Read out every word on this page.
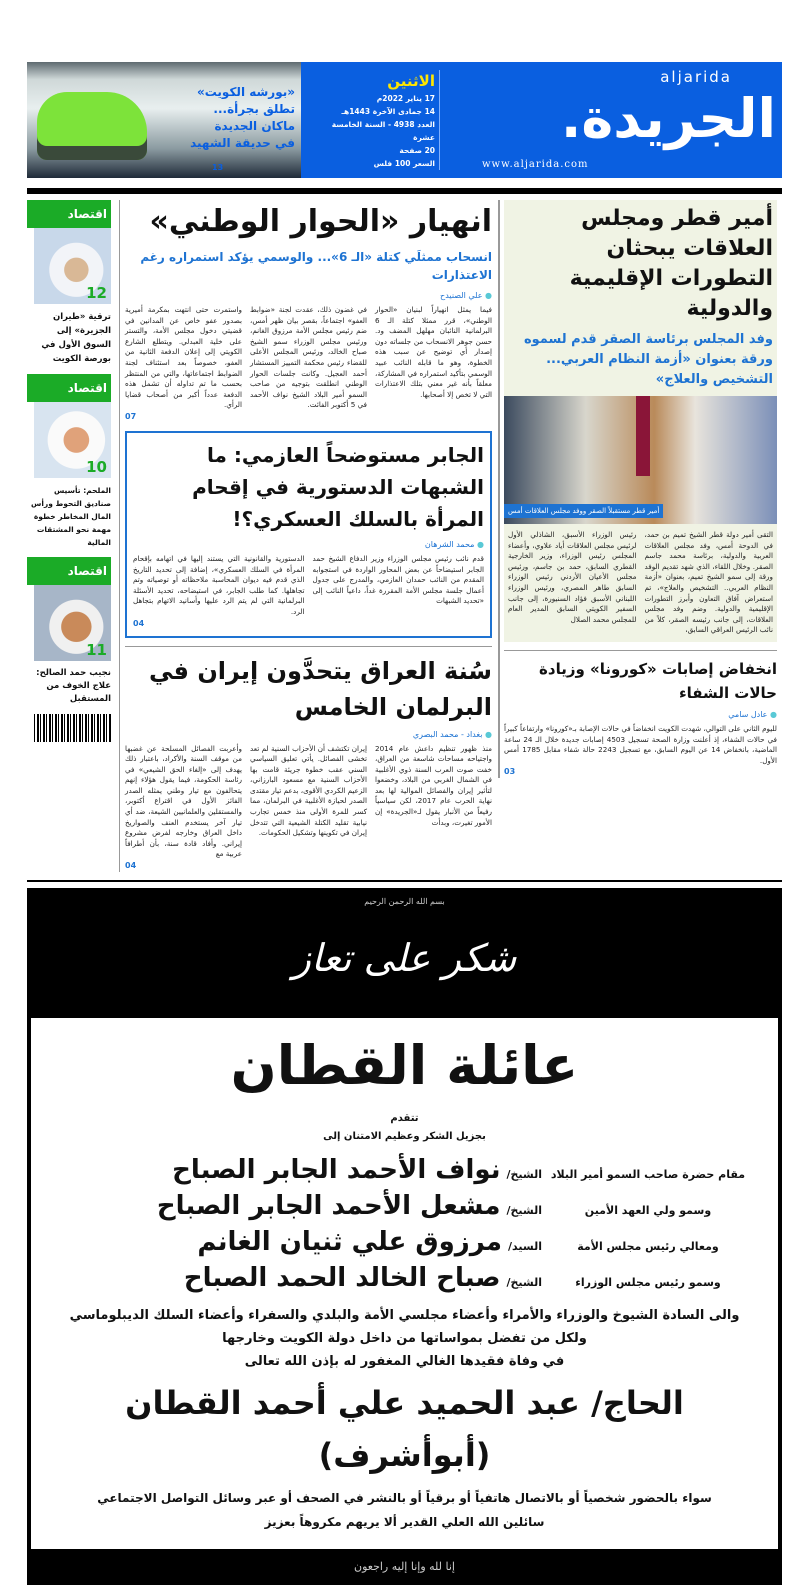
«بورشه الكويت»
تطلق بجرأة...
ماكان الجديدة
في حديقة الشهيد
13
الاثنين
17 يناير 2022م
14 جمادى الآخرة 1443هـ
العدد 4938 - السنة الخامسة عشرة
20 صفحة
السعر 100 فلس
aljarida
الجريدة.
www.aljarida.com
اقتصاد
12
ترقية «طيران الجزيرة» إلى السوق الأول في بورصة الكويت
اقتصاد
10
الملحم: تأسيس صناديق التحوط ورأس المال المخاطر خطوة مهمة نحو المشتقات المالية
اقتصاد
11
نجيب حمد الصالح: علاج الخوف من المستقبل
انهيار «الحوار الوطني»
انسحاب ممثلَي كتلة «الـ 6»... والوسمي يؤكد استمراره رغم الاعتذارات
● علي الصنيدح
فيما يمثل انهياراً لبنيان «الحوار الوطني»، قرر ممثلا كتلة الـ 6 البرلمانية النائبان مهلهل المضف ود. حسن جوهر الانسحاب من جلساته دون إصدار أي توضيح عن سبب هذه الخطوة، وهو ما قابله النائب عبيد الوسمي بتأكيد استمراره في المشاركة، معلقاً بأنه غير معني بتلك الاعتذارات التي لا تخص إلا أصحابها.
في غضون ذلك، عقدت لجنة «ضوابط العفو» اجتماعاً، بقصر بيان ظهر أمس، ضم رئيس مجلس الأمة مرزوق الغانم، ورئيس مجلس الوزراء سمو الشيخ صباح الخالد، ورئيس المجلس الأعلى للقضاء رئيس محكمة التمييز المستشار أحمد العجيل. وكانت جلسات الحوار الوطني انطلقت بتوجيه من صاحب السمو أمير البلاد الشيخ نواف الأحمد في 5 أكتوبر الفائت.
واستمرت حتى انتهت بمكرمة أميرية بصدور عفو خاص عن المدانين في قضيتي دخول مجلس الأمة، والتستر على خلية العبدلي. ويتطلع الشارع الكويتي إلى إعلان الدفعة الثانية من العفو، خصوصاً بعد استئناف لجنة الضوابط اجتماعاتها، والتي من المنتظر بحسب ما تم تداوله أن تشمل هذه الدفعة عدداً أكبر من أصحاب قضايا الرأي.
07
الجابر مستوضحاً العازمي: ما الشبهات الدستورية في إقحام المرأة بالسلك العسكري؟!
● محمد الشرهان
قدم نائب رئيس مجلس الوزراء وزير الدفاع الشيخ حمد الجابر استيضاحاً عن بعض المحاور الواردة في استجوابه المقدم من النائب حمدان العازمي، والمدرج على جدول أعمال جلسة مجلس الأمة المقررة غداً، داعياً النائب إلى «تحديد الشبهات
الدستورية والقانونية التي يستند إليها في اتهامه بإقحام المرأة في السلك العسكري»، إضافة إلى تحديد التاريخ الذي قدم فيه ديوان المحاسبة ملاحظاته أو توصياته وتم تجاهلها. كما طلب الجابر، في استيضاحه، تحديد الأسئلة البرلمانية التي لم يتم الرد عليها وأسانيد الاتهام بتجاهل الرد.
04
سُنة العراق يتحدَّون إيران في البرلمان الخامس
● بغداد - محمد البصري
منذ ظهور تنظيم داعش عام 2014 واجتياحه مساحات شاسعة من العراق، خفت صوت العرب السنة ذوي الأغلبية في الشمال الغربي من البلاد، وخضعوا لتأثير إيران والفصائل الموالية لها بعد نهاية الحرب عام 2017، لكن سياسياً رفيعاً من الأنبار يقول لـ«الجريدة» إن الأمور تغيرت، وبدأت
إيران تكتشف أن الأحزاب السنية لم تعد تخشى الفصائل. يأتي تعليق السياسي السني عقب خطوة جريئة قامت بها الأحزاب السنية مع مسعود البارزاني، الزعيم الكردي الأقوى، بدعم تيار مقتدى الصدر لحيازة الأغلبية في البرلمان، مما كسر للمرة الأولى منذ خمس تجارب نيابية تقليد الكتلة الشيعية التي تتدخل إيران في تكوينها وتشكيل الحكومات.
وأعربت الفصائل المسلحة عن غضبها من موقف السنة والأكراد، باعتبار ذلك يهدف إلى «إلغاء الحق الشيعي» في رئاسة الحكومة، فيما يقول هؤلاء إنهم يتحالفون مع تيار وطني يمثله الصدر الفائز الأول في اقتراع أكتوبر، والمستقلين والعلمانيين الشيعة، ضد أي تيار آخر يستخدم العنف والصواريخ داخل العراق وخارجه لفرض مشروع إيراني. وأفاد قادة سنة، بأن أطرافاً عربية مع
04
أمير قطر ومجلس العلاقات يبحثان التطورات الإقليمية والدولية
وفد المجلس برئاسة الصقر قدم لسموه ورقة بعنوان «أزمة النظام العربي... التشخيص والعلاج»
أمير قطر مستقبلاً الصقر ووفد مجلس العلاقات أمس
التقى أمير دولة قطر الشيخ تميم بن حمد، في الدوحة أمس، وفد مجلس العلاقات العربية والدولية، برئاسة محمد جاسم الصقر. وخلال اللقاء، الذي شهد تقديم الوفد ورقة إلى سمو الشيخ تميم، بعنوان «أزمة النظام العربي.. التشخيص والعلاج»، تم استعراض آفاق التعاون وأبرز التطورات الإقليمية والدولية. وضم وفد مجلس العلاقات، إلى جانب رئيسه الصقر، كلاً من نائب الرئيس العراقي السابق،
رئيس الوزراء الأسبق، الشاذلي الأول لرئيس مجلس العلاقات أياد علاوي، وأعضاء المجلس رئيس الوزراء، وزير الخارجية القطري السابق، حمد بن جاسم، ورئيس مجلس الأعيان الأردني رئيس الوزراء السابق طاهر المصري، ورئيس الوزراء اللبناني الأسبق فؤاد السنيورة، إلى جانب السفير الكويتي السابق المدير العام للمجلس محمد الصلال
انخفاض إصابات «كورونا» وزيادة حالات الشفاء
● عادل سامي
لليوم الثاني على التوالي، شهدت الكويت انخفاضاً في حالات الإصابة بـ«كورونا» وارتفاعاً كبيراً في حالات الشفاء، إذ أعلنت وزارة الصحة تسجيل 4503 إصابات جديدة خلال الـ 24 ساعة الماضية، بانخفاض 14 عن اليوم السابق، مع تسجيل 2243 حالة شفاء مقابل 1785 أمس الأول.
03
بسم الله الرحمن الرحيم
شكر على تعاز
عائلة القطان
تتقدم
بجزيل الشكر وعظيم الامتنان إلى
مقام حضرة صاحب السمو أمير البلاد
الشيخ/
نواف الأحمد الجابر الصباح
وسمو ولي العهد الأمين
الشيخ/
مشعل الأحمد الجابر الصباح
ومعالي رئيس مجلس الأمة
السيد/
مرزوق علي ثنيان الغانم
وسمو رئيس مجلس الوزراء
الشيخ/
صباح الخالد الحمد الصباح
والى السادة الشيوخ والوزراء والأمراء وأعضاء مجلسي الأمة والبلدي والسفراء وأعضاء السلك الديبلوماسي
ولكل من تفضل بمواساتها من داخل دولة الكويت وخارجها
في وفاة فقيدها الغالي المغفور له بإذن الله تعالى
الحاج/ عبد الحميد علي أحمد القطان (أبوأشرف)
سواء بالحضور شخصياً أو بالاتصال هاتفياً أو برقياً أو بالنشر في الصحف أو عبر وسائل التواصل الاجتماعي
سائلين الله العلي القدير ألا يريهم مكروهاً بعزيز
إنا لله وإنا إليه راجعون
